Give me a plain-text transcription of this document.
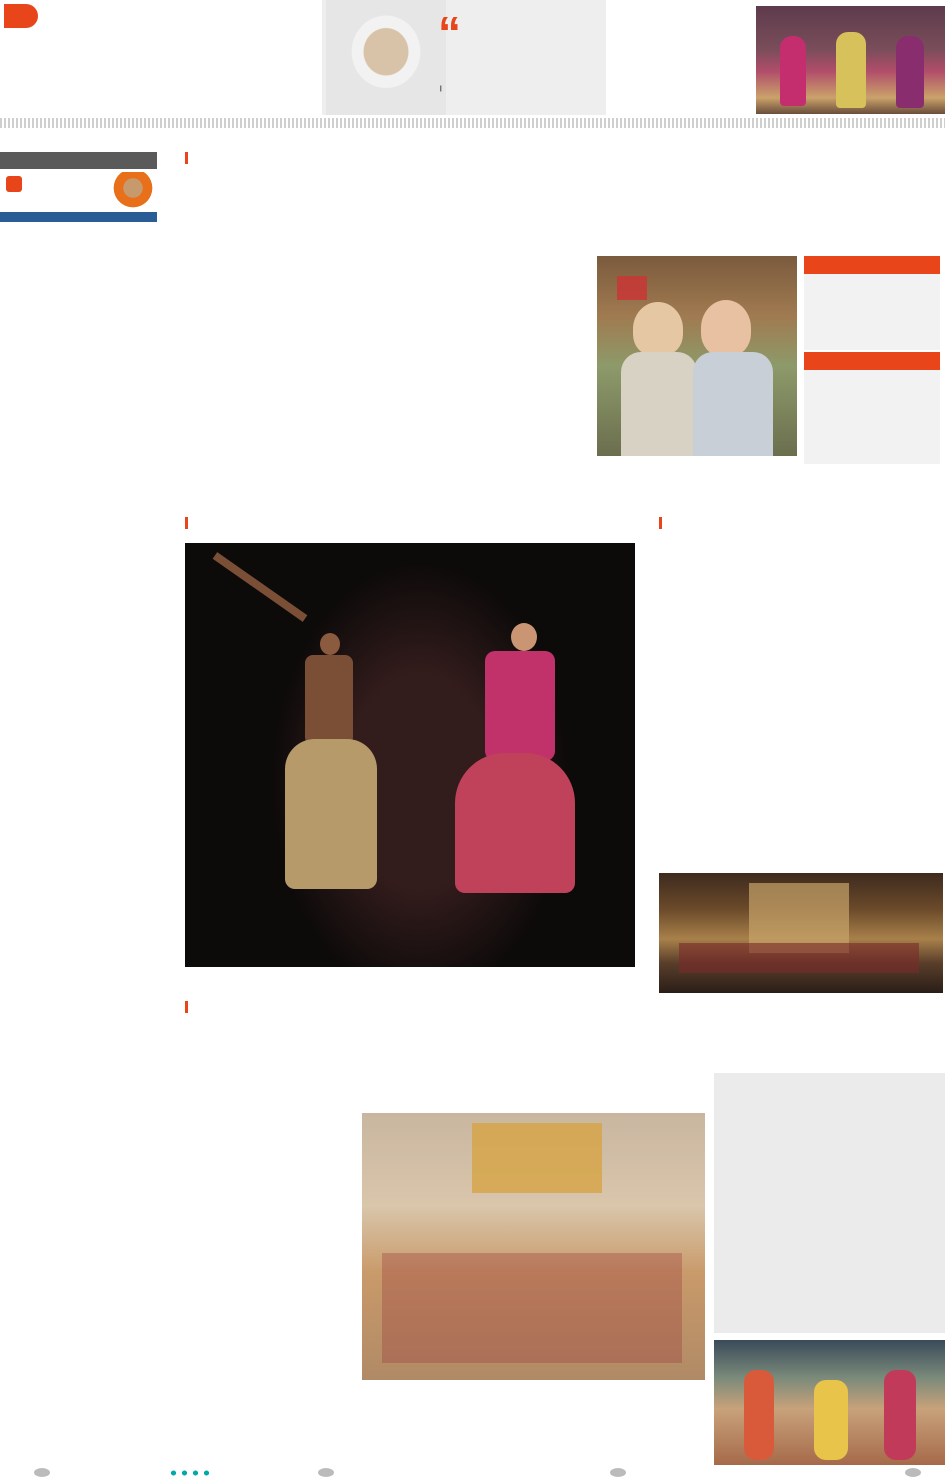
“
|
